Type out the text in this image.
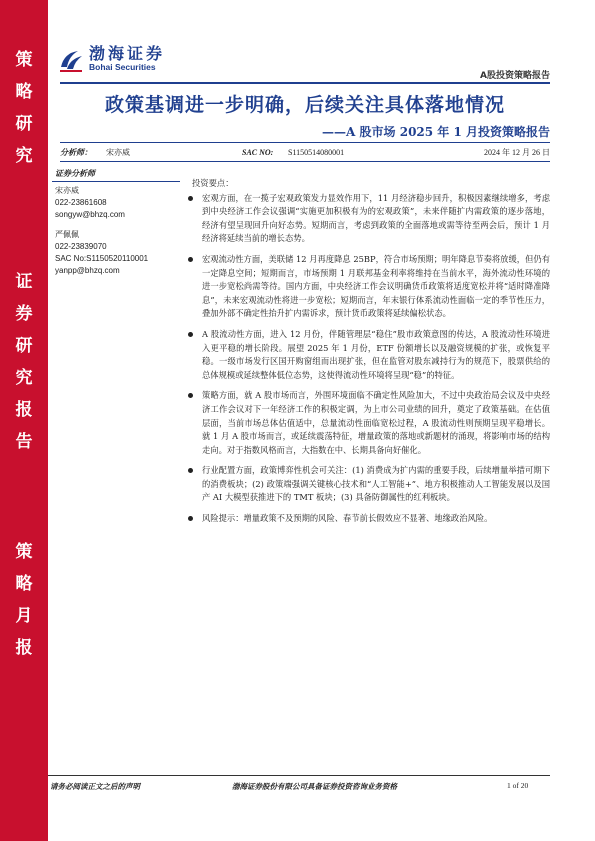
策
略
研
究
证
券
研
究
报
告
策
略
月
报
渤海证券
Bohai Securities
A股投资策略报告
政策基调进一步明确，后续关注具体落地情况
——A 股市场 2025 年 1 月投资策略报告
分析师：	宋亦威	SAC NO:	S1150514080001	2024 年 12 月 26 日
证券分析师
宋亦威
022-23861608
songyw@bhzq.com
严佩佩
022-23839070
SAC No:S1150520110001
yanpp@bhzq.com
投资要点：
宏观方面，在一揽子宏观政策发力显效作用下，11 月经济稳步回升，积极因素继续增多，考虑到中央经济工作会议强调“实施更加积极有为的宏观政策”，未来伴随扩内需政策的逐步落地，经济有望呈现回升向好态势。短期而言，考虑到政策的全面落地或需等待至两会后，预计 1 月经济将延续当前的增长态势。
宏观流动性方面，美联储 12 月再度降息 25BP，符合市场预期；明年降息节奏将放缓，但仍有一定降息空间；短期而言，市场预期 1 月联邦基金利率将维持在当前水平，海外流动性环境的进一步宽松尚需等待。国内方面，中央经济工作会议明确货币政策将适度宽松并将“适时降准降息”，未来宏观流动性将进一步宽松；短期而言，年末银行体系流动性面临一定的季节性压力，叠加外部不确定性抬升扩内需诉求，预计货币政策将延续偏松状态。
A 股流动性方面，进入 12 月份，伴随管理层“稳住”股市政策意图的传达，A 股流动性环境进入更平稳的增长阶段。展望 2025 年 1 月份，ETF 份额增长以及融资规模的扩张，或恢复平稳。一级市场发行区国开购窗组而出现扩张，但在监管对股东减持行为的规范下，股票供给的总体规模或延续整体低位态势，这使得流动性环境将呈现“稳”的特征。
策略方面，就 A 股市场而言，外围环境面临不确定性风险加大，不过中央政治局会议及中央经济工作会议对下一年经济工作的积极定调，为上市公司业绩的回升，奠定了政策基础。在估值层面，当前市场总体估值适中，总量流动性面临宽松过程，A 股流动性则预期呈现平稳增长。就 1 月 A 股市场而言，或延续震荡特征，增量政策的落地或新题材的涌现，将影响市场的结构走向。对于指数风格而言，大指数在中、长期具备向好催化。
行业配置方面，政策博弈性机会可关注：(1) 消费成为扩内需的重要手段，后续增量举措可期下的消费板块；(2) 政策端强调关键核心技术和“人工智能+”、地方积极推动人工智能发展以及国产 AI 大模型获推进下的 TMT 板块；(3) 具备防御属性的红利板块。
风险提示：增量政策不及预期的风险、春节前长假效应不显著、地缘政治风险。
请务必阅读正文之后的声明	渤海证券股份有限公司具备证券投资咨询业务资格	1 of 20
